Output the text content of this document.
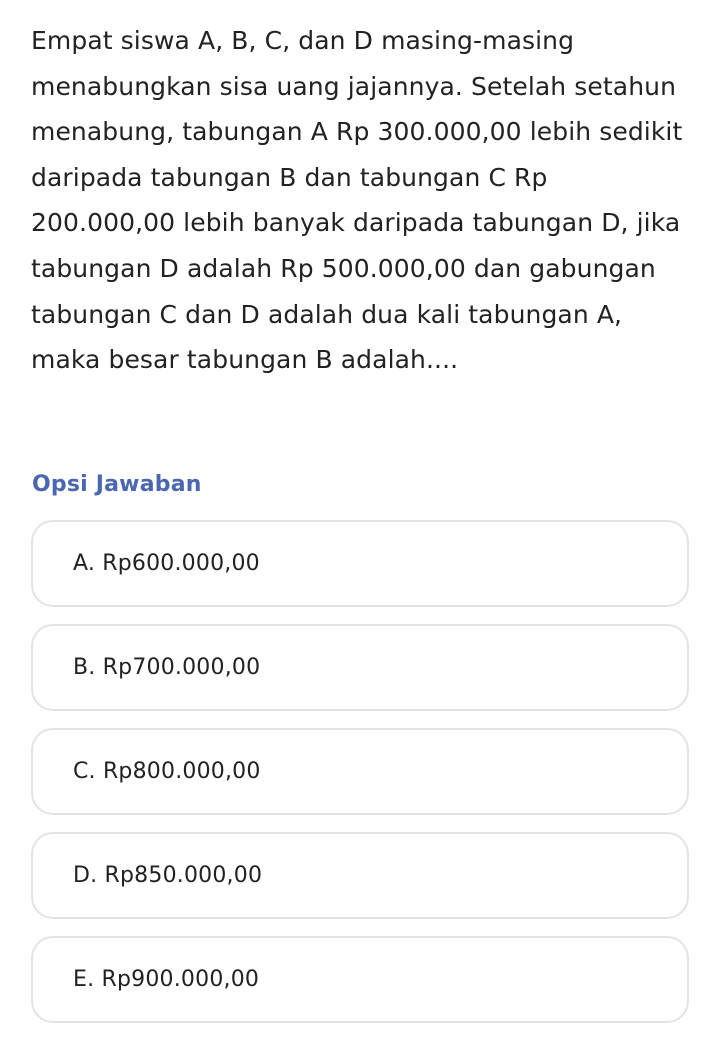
Empat siswa A, B, C, dan D masing-masing menabungkan sisa uang jajannya. Setelah setahun menabung, tabungan A Rp 300.000,00 lebih sedikit daripada tabungan B dan tabungan C Rp 200.000,00 lebih banyak daripada tabungan D, jika tabungan D adalah Rp 500.000,00 dan gabungan tabungan C dan D adalah dua kali tabungan A, maka besar tabungan B adalah....

Opsi Jawaban
A. Rp600.000,00
B. Rp700.000,00
C. Rp800.000,00
D. Rp850.000,00
E. Rp900.000,00
